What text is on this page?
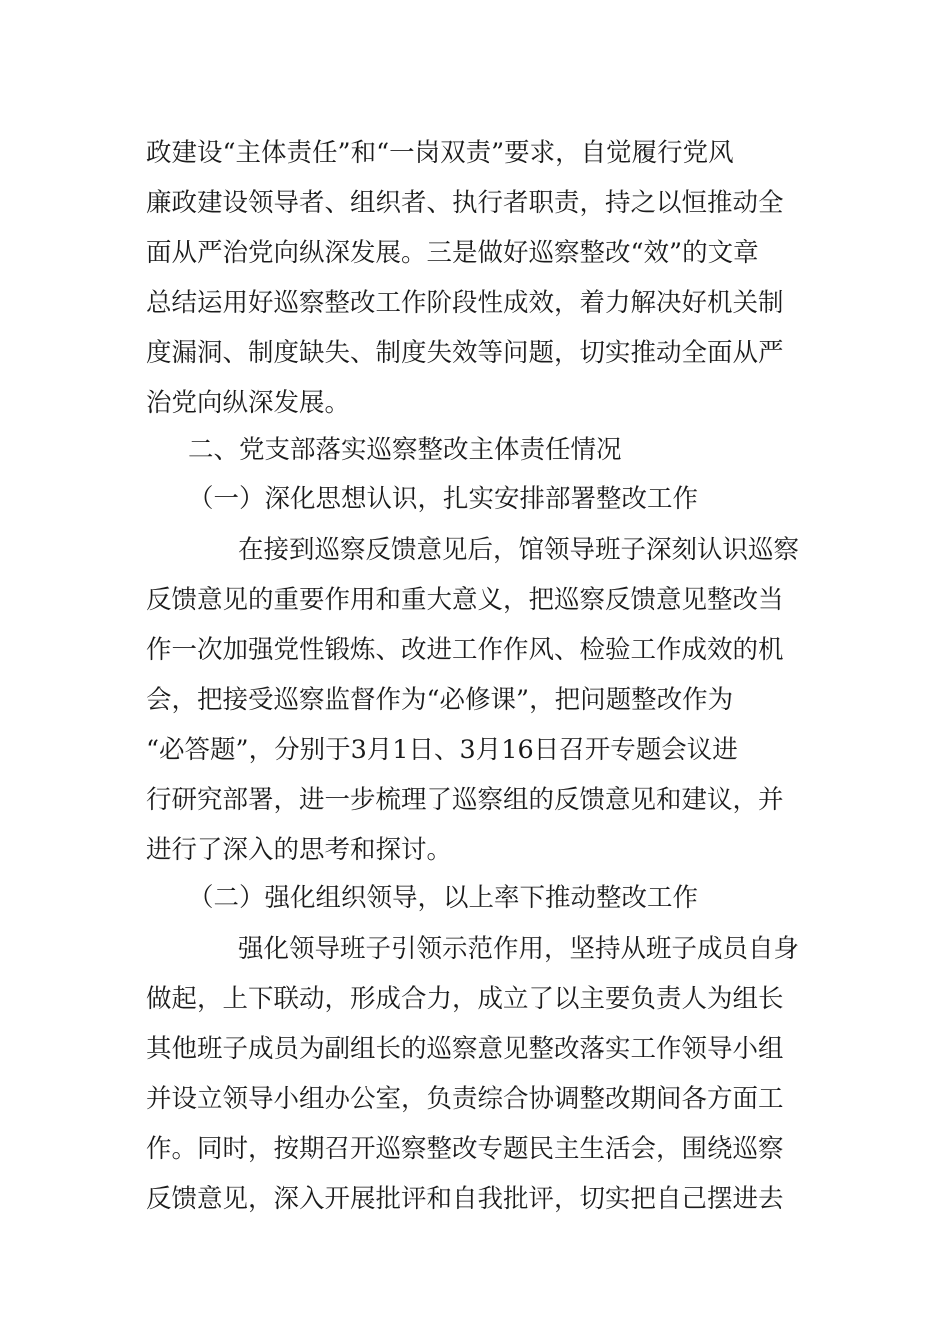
政建设“主体责任”和“一岗双责”要求，自觉履行党风
廉政建设领导者、组织者、执行者职责，持之以恒推动全
面从严治党向纵深发展。三是做好巡察整改“效”的文章
总结运用好巡察整改工作阶段性成效，着力解决好机关制
度漏洞、制度缺失、制度失效等问题，切实推动全面从严
治党向纵深发展。
二、党支部落实巡察整改主体责任情况
（一）深化思想认识，扎实安排部署整改工作
在接到巡察反馈意见后，馆领导班子深刻认识巡察
反馈意见的重要作用和重大意义，把巡察反馈意见整改当
作一次加强党性锻炼、改进工作作风、检验工作成效的机
会，把接受巡察监督作为“必修课”，把问题整改作为
“必答题”，分别于3月1日、3月16日召开专题会议进
行研究部署，进一步梳理了巡察组的反馈意见和建议，并
进行了深入的思考和探讨。
（二）强化组织领导，以上率下推动整改工作
强化领导班子引领示范作用，坚持从班子成员自身
做起，上下联动，形成合力，成立了以主要负责人为组长
其他班子成员为副组长的巡察意见整改落实工作领导小组
并设立领导小组办公室，负责综合协调整改期间各方面工
作。同时，按期召开巡察整改专题民主生活会，围绕巡察
反馈意见，深入开展批评和自我批评，切实把自己摆进去
